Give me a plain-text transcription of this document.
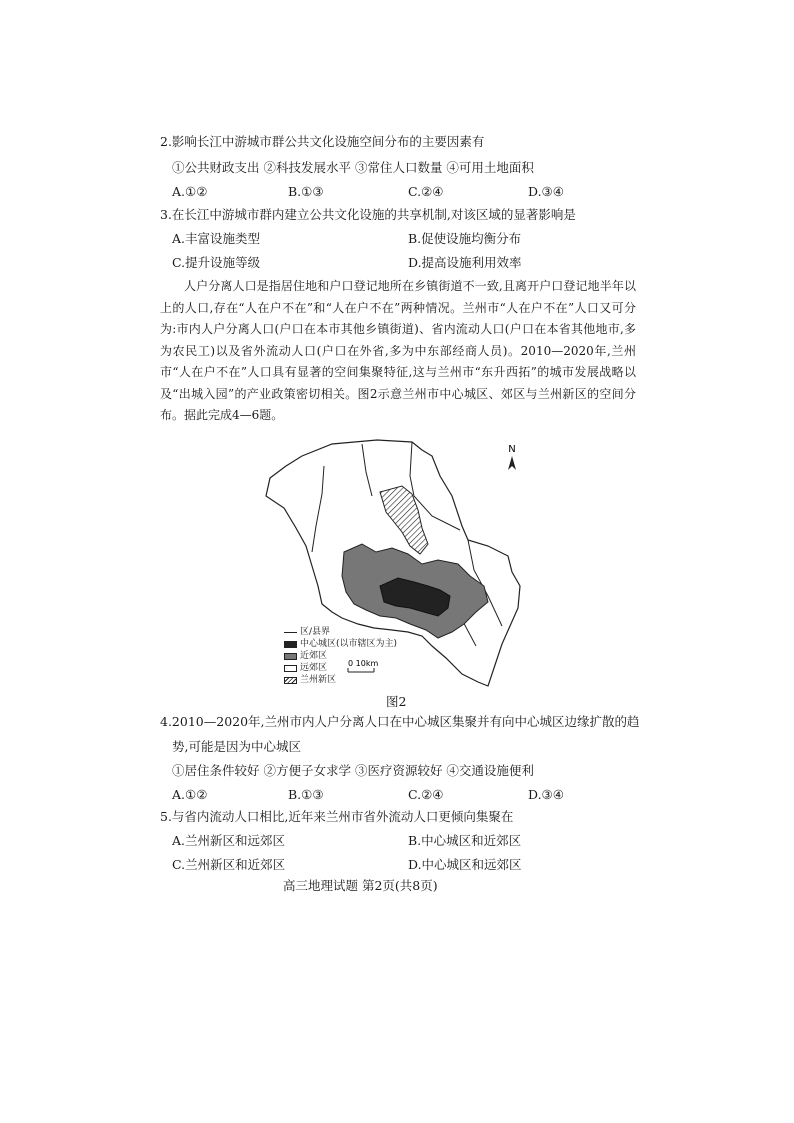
2.影响长江中游城市群公共文化设施空间分布的主要因素有
①公共财政支出 ②科技发展水平 ③常住人口数量 ④可用土地面积
A.①②	B.①③	C.②④	D.③④
3.在长江中游城市群内建立公共文化设施的共享机制,对该区域的显著影响是
A.丰富设施类型	B.促使设施均衡分布
C.提升设施等级	D.提高设施利用效率
人户分离人口是指居住地和户口登记地所在乡镇街道不一致,且离开户口登记地半年以上的人口,存在“人在户不在”和“人在户不在”两种情况。兰州市“人在户不在”人口又可分为:市内人户分离人口(户口在本市其他乡镇街道)、省内流动人口(户口在本省其他地市,多为农民工)以及省外流动人口(户口在外省,多为中东部经商人员)。2010—2020年,兰州市“人在户不在”人口具有显著的空间集聚特征,这与兰州市“东升西拓”的城市发展战略以及“出城入园”的产业政策密切相关。图2示意兰州市中心城区、郊区与兰州新区的空间分布。据此完成4—6题。
N
0 10km
区/县界
中心城区(以市辖区为主)
近郊区
远郊区
兰州新区
图2
4.2010—2020年,兰州市内人户分离人口在中心城区集聚并有向中心城区边缘扩散的趋
势,可能是因为中心城区
①居住条件较好 ②方便子女求学 ③医疗资源较好 ④交通设施便利
A.①②	B.①③	C.②④	D.③④
5.与省内流动人口相比,近年来兰州市省外流动人口更倾向集聚在
A.兰州新区和远郊区	B.中心城区和近郊区
C.兰州新区和近郊区	D.中心城区和远郊区
高三地理试题 第2页(共8页)
